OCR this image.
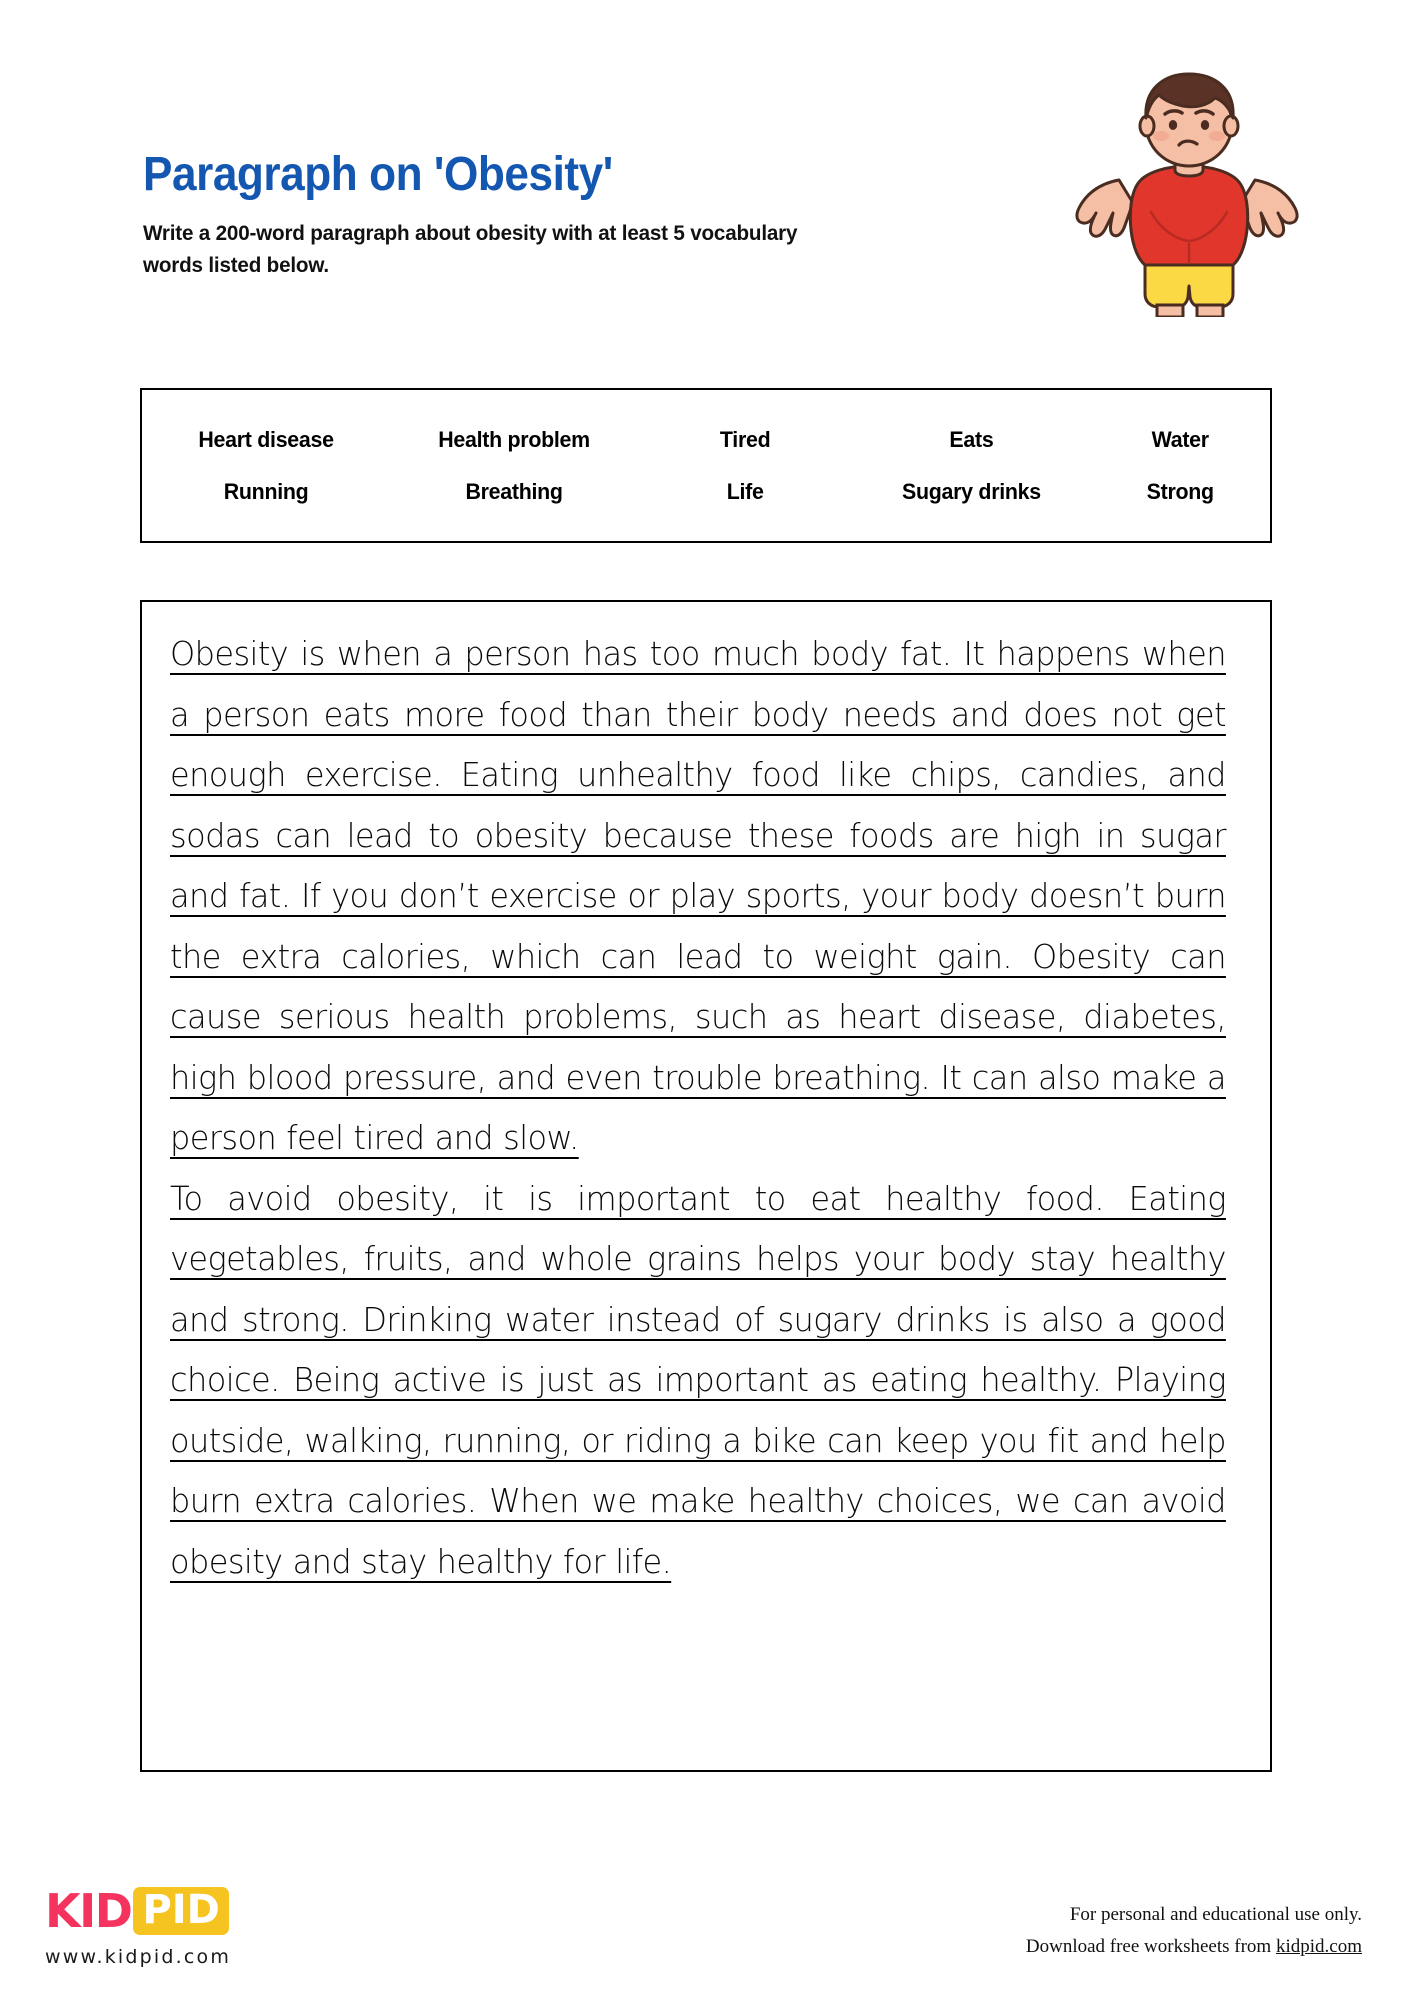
Paragraph on 'Obesity'
Write a 200-word paragraph about obesity with at least 5 vocabulary words listed below.
Heart disease	Health problem	Tired	Eats	Water
Running	Breathing	Life	Sugary drinks	Strong
Obesity is when a person has too much body fat. It happens when a person eats more food than their body needs and does not get enough exercise. Eating unhealthy food like chips, candies, and sodas can lead to obesity because these foods are high in sugar and fat. If you don’t exercise or play sports, your body doesn’t burn the extra calories, which can lead to weight gain. Obesity can cause serious health problems, such as heart disease, diabetes, high blood pressure, and even trouble breathing. It can also make a person feel tired and slow.
To avoid obesity, it is important to eat healthy food. Eating vegetables, fruits, and whole grains helps your body stay healthy and strong. Drinking water instead of sugary drinks is also a good choice. Being active is just as important as eating healthy. Playing outside, walking, running, or riding a bike can keep you fit and help burn extra calories. When we make healthy choices, we can avoid obesity and stay healthy for life.
KID PID
www.kidpid.com
For personal and educational use only.
Download free worksheets from kidpid.com
